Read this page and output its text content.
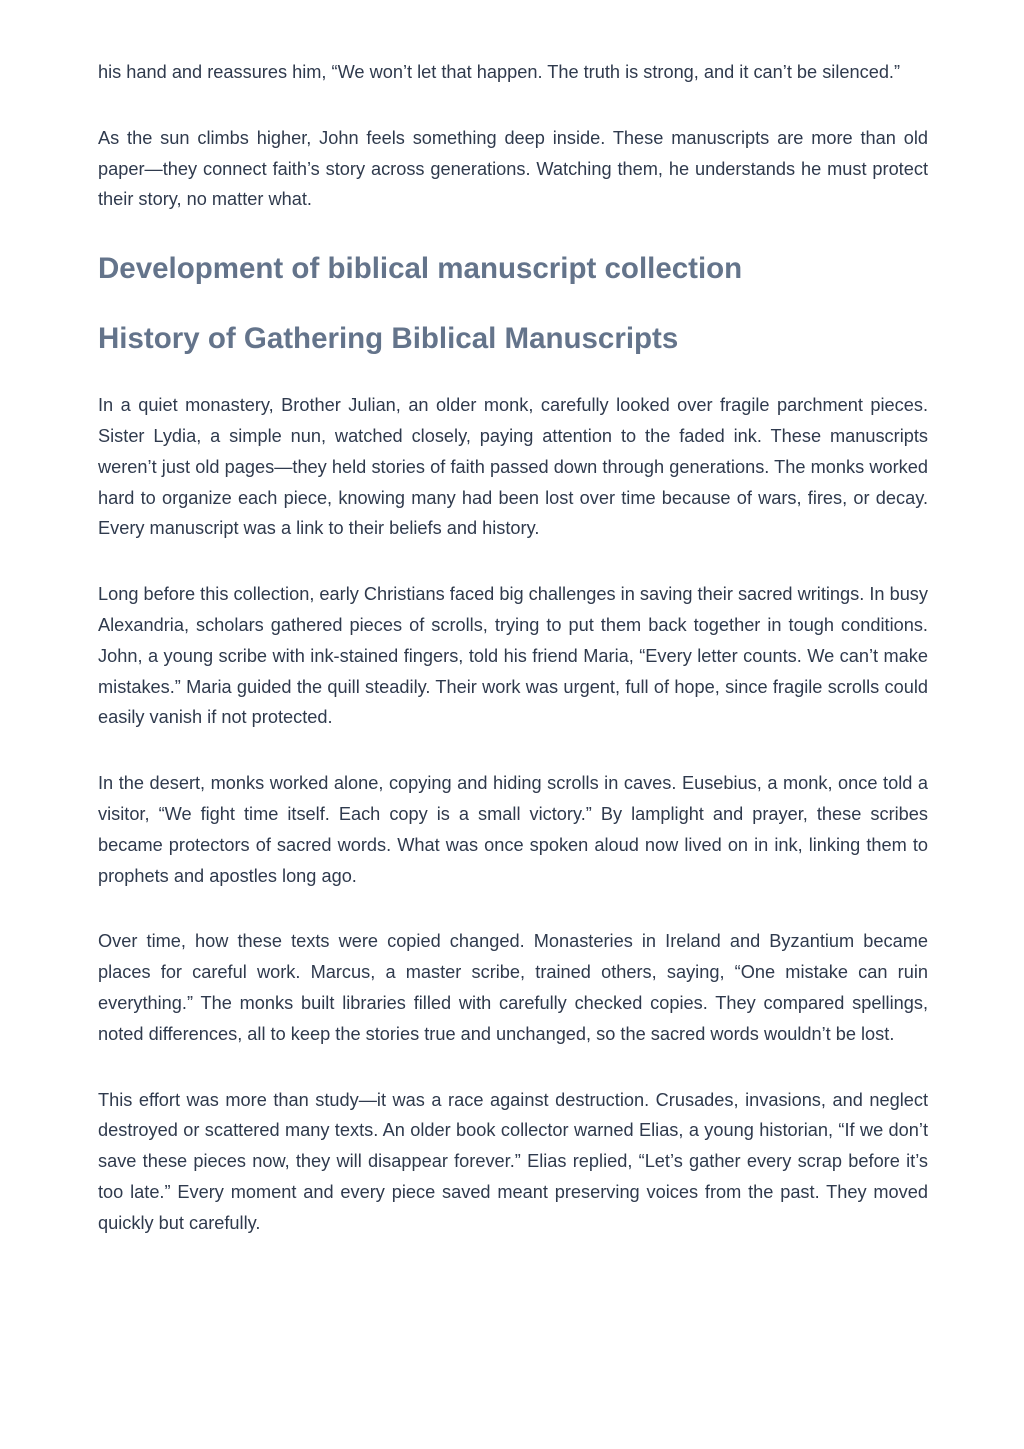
his hand and reassures him, “We won’t let that happen. The truth is strong, and it can’t be silenced.”

As the sun climbs higher, John feels something deep inside. These manuscripts are more than old paper—they connect faith’s story across generations. Watching them, he understands he must protect their story, no matter what.

Development of biblical manuscript collection
History of Gathering Biblical Manuscripts

In a quiet monastery, Brother Julian, an older monk, carefully looked over fragile parchment pieces. Sister Lydia, a simple nun, watched closely, paying attention to the faded ink. These manuscripts weren’t just old pages—they held stories of faith passed down through generations. The monks worked hard to organize each piece, knowing many had been lost over time because of wars, fires, or decay. Every manuscript was a link to their beliefs and history.

Long before this collection, early Christians faced big challenges in saving their sacred writings. In busy Alexandria, scholars gathered pieces of scrolls, trying to put them back together in tough conditions. John, a young scribe with ink-stained fingers, told his friend Maria, “Every letter counts. We can’t make mistakes.” Maria guided the quill steadily. Their work was urgent, full of hope, since fragile scrolls could easily vanish if not protected.

In the desert, monks worked alone, copying and hiding scrolls in caves. Eusebius, a monk, once told a visitor, “We fight time itself. Each copy is a small victory.” By lamplight and prayer, these scribes became protectors of sacred words. What was once spoken aloud now lived on in ink, linking them to prophets and apostles long ago.

Over time, how these texts were copied changed. Monasteries in Ireland and Byzantium became places for careful work. Marcus, a master scribe, trained others, saying, “One mistake can ruin everything.” The monks built libraries filled with carefully checked copies. They compared spellings, noted differences, all to keep the stories true and unchanged, so the sacred words wouldn’t be lost.

This effort was more than study—it was a race against destruction. Crusades, invasions, and neglect destroyed or scattered many texts. An older book collector warned Elias, a young historian, “If we don’t save these pieces now, they will disappear forever.” Elias replied, “Let’s gather every scrap before it’s too late.” Every moment and every piece saved meant preserving voices from the past. They moved quickly but carefully.
